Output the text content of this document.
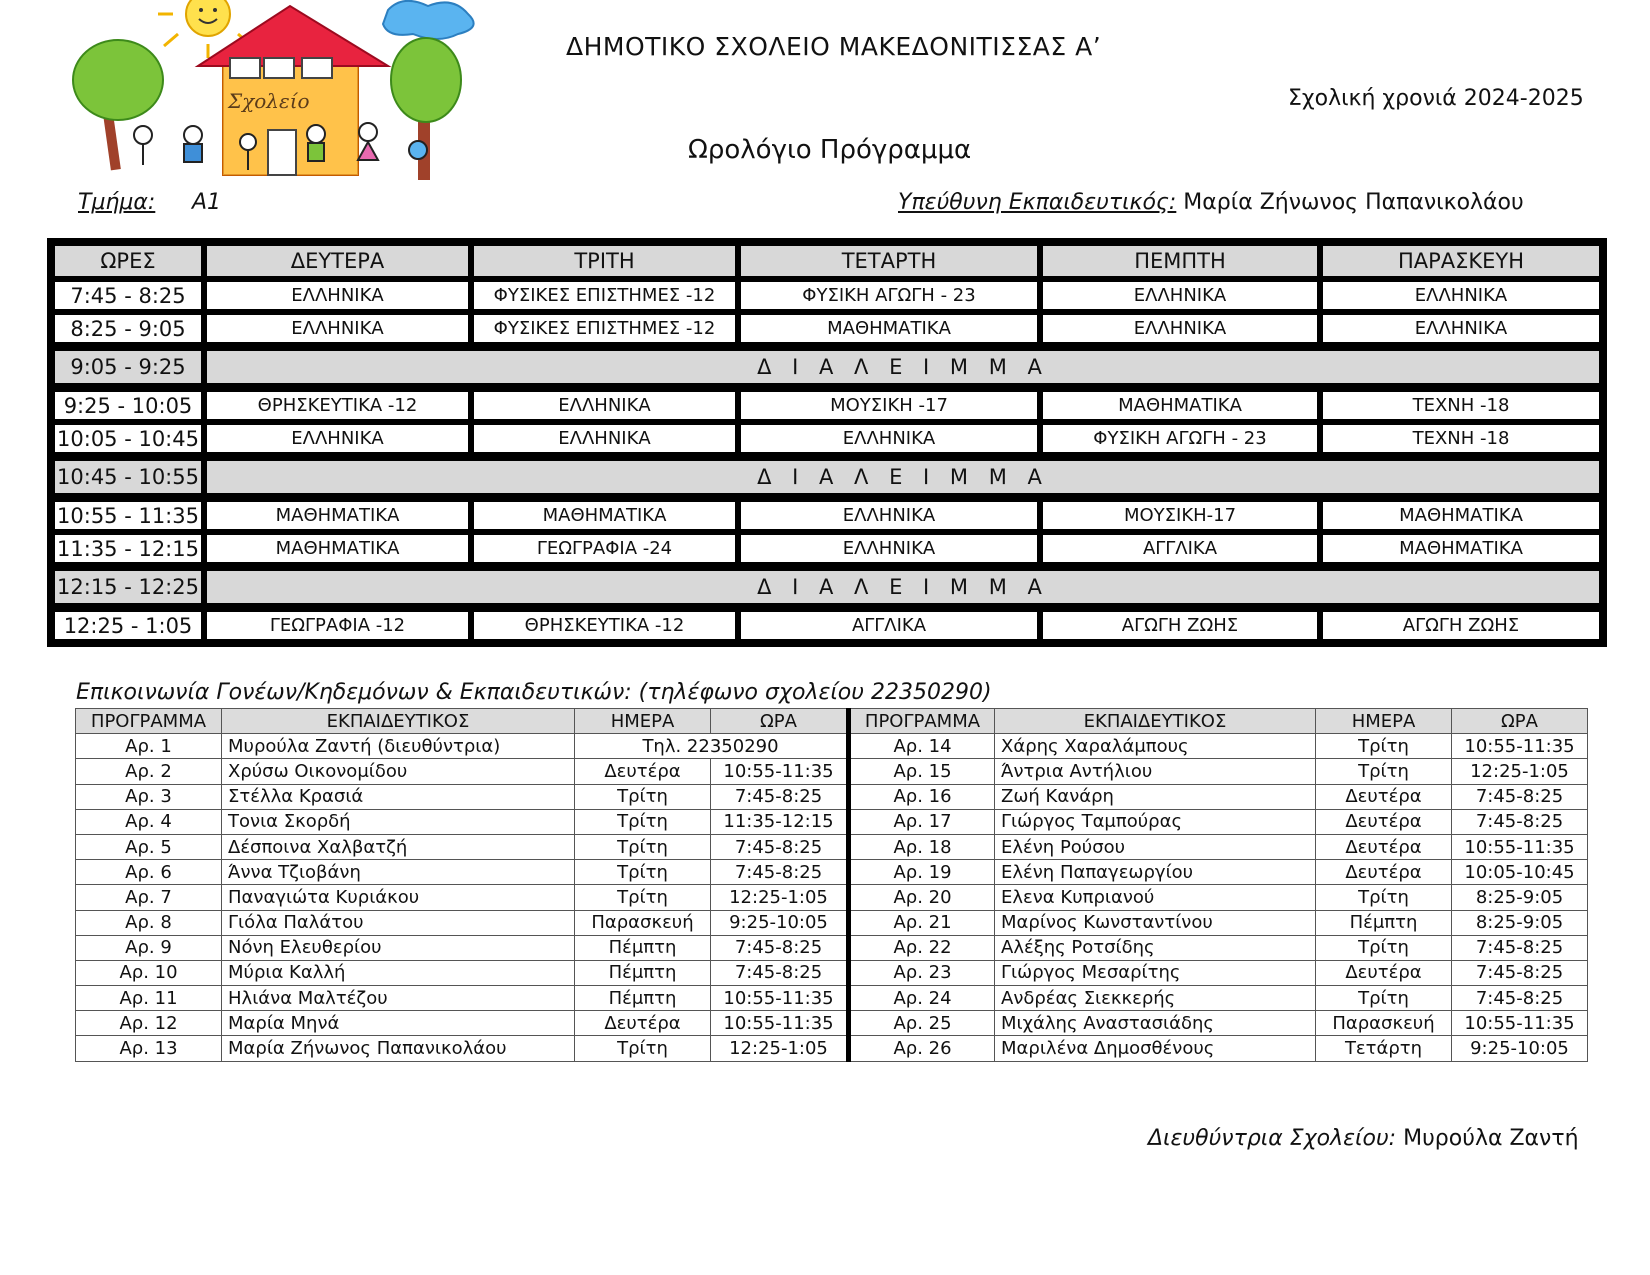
Σχολείο
ΔΗΜΟΤΙΚΟ ΣΧΟΛΕΙΟ ΜΑΚΕΔΟΝΙΤΙΣΣΑΣ Α’
Σχολική χρονιά 2024-2025
Ωρολόγιο Πρόγραμμα
Τμήμα: Α1	Υπεύθυνη Εκπαιδευτικός: Μαρία Ζήνωνος Παπανικολάου
ΩΡΕΣ	ΔΕΥΤΕΡΑ	ΤΡΙΤΗ	ΤΕΤΑΡΤΗ	ΠΕΜΠΤΗ	ΠΑΡΑΣΚΕΥΗ
7:45 - 8:25	ΕΛΛΗΝΙΚΑ	ΦΥΣΙΚΕΣ ΕΠΙΣΤΗΜΕΣ -12	ΦΥΣΙΚΗ ΑΓΩΓΗ - 23	ΕΛΛΗΝΙΚΑ	ΕΛΛΗΝΙΚΑ
8:25 - 9:05	ΕΛΛΗΝΙΚΑ	ΦΥΣΙΚΕΣ ΕΠΙΣΤΗΜΕΣ -12	ΜΑΘΗΜΑΤΙΚΑ	ΕΛΛΗΝΙΚΑ	ΕΛΛΗΝΙΚΑ
9:05 - 9:25	Δ Ι Α Λ Ε Ι Μ Μ Α				
9:25 - 10:05	ΘΡΗΣΚΕΥΤΙΚΑ -12	ΕΛΛΗΝΙΚΑ	ΜΟΥΣΙΚΗ -17	ΜΑΘΗΜΑΤΙΚΑ	ΤΕΧΝΗ -18
10:05 - 10:45	ΕΛΛΗΝΙΚΑ	ΕΛΛΗΝΙΚΑ	ΕΛΛΗΝΙΚΑ	ΦΥΣΙΚΗ ΑΓΩΓΗ - 23	ΤΕΧΝΗ -18
10:45 - 10:55	Δ Ι Α Λ Ε Ι Μ Μ Α				
10:55 - 11:35	ΜΑΘΗΜΑΤΙΚΑ	ΜΑΘΗΜΑΤΙΚΑ	ΕΛΛΗΝΙΚΑ	ΜΟΥΣΙΚΗ-17	ΜΑΘΗΜΑΤΙΚΑ
11:35 - 12:15	ΜΑΘΗΜΑΤΙΚΑ	ΓΕΩΓΡΑΦΙΑ -24	ΕΛΛΗΝΙΚΑ	ΑΓΓΛΙΚΑ	ΜΑΘΗΜΑΤΙΚΑ
12:15 - 12:25	Δ Ι Α Λ Ε Ι Μ Μ Α				
12:25 - 1:05	ΓΕΩΓΡΑΦΙΑ -12	ΘΡΗΣΚΕΥΤΙΚΑ -12	ΑΓΓΛΙΚΑ	ΑΓΩΓΗ ΖΩΗΣ	ΑΓΩΓΗ ΖΩΗΣ
Επικοινωνία Γονέων/Κηδεμόνων & Εκπαιδευτικών: (τηλέφωνο σχολείου 22350290)
ΠΡΟΓΡΑΜΜΑ	ΕΚΠΑΙΔΕΥΤΙΚΟΣ	ΗΜΕΡΑ	ΩΡΑ	ΠΡΟΓΡΑΜΜΑ	ΕΚΠΑΙΔΕΥΤΙΚΟΣ	ΗΜΕΡΑ	ΩΡΑ
Αρ. 1	Μυρούλα Ζαντή (διευθύντρια)	Τηλ. 22350290		Αρ. 14	Χάρης Χαραλάμπους	Τρίτη	10:55-11:35
Αρ. 2	Χρύσω Οικονομίδου	Δευτέρα	10:55-11:35	Αρ. 15	Άντρια Αντήλιου	Τρίτη	12:25-1:05
Αρ. 3	Στέλλα Κρασιά	Τρίτη	7:45-8:25	Αρ. 16	Ζωή Κανάρη	Δευτέρα	7:45-8:25
Αρ. 4	Τονια Σκορδή	Τρίτη	11:35-12:15	Αρ. 17	Γιώργος Ταμπούρας	Δευτέρα	7:45-8:25
Αρ. 5	Δέσποινα Χαλβατζή	Τρίτη	7:45-8:25	Αρ. 18	Ελένη Ρούσου	Δευτέρα	10:55-11:35
Αρ. 6	Άννα Τζιοβάνη	Τρίτη	7:45-8:25	Αρ. 19	Ελένη Παπαγεωργίου	Δευτέρα	10:05-10:45
Αρ. 7	Παναγιώτα Κυριάκου	Τρίτη	12:25-1:05	Αρ. 20	Ελενα Κυπριανού	Τρίτη	8:25-9:05
Αρ. 8	Γιόλα Παλάτου	Παρασκευή	9:25-10:05	Αρ. 21	Μαρίνος Κωνσταντίνου	Πέμπτη	8:25-9:05
Αρ. 9	Νόνη Ελευθερίου	Πέμπτη	7:45-8:25	Αρ. 22	Αλέξης Ροτσίδης	Τρίτη	7:45-8:25
Αρ. 10	Μύρια Καλλή	Πέμπτη	7:45-8:25	Αρ. 23	Γιώργος Μεσαρίτης	Δευτέρα	7:45-8:25
Αρ. 11	Ηλιάνα Μαλτέζου	Πέμπτη	10:55-11:35	Αρ. 24	Ανδρέας Σιεκκερής	Τρίτη	7:45-8:25
Αρ. 12	Μαρία Μηνά	Δευτέρα	10:55-11:35	Αρ. 25	Μιχάλης Αναστασιάδης	Παρασκευή	10:55-11:35
Αρ. 13	Μαρία Ζήνωνος Παπανικολάου	Τρίτη	12:25-1:05	Αρ. 26	Μαριλένα Δημοσθένους	Τετάρτη	9:25-10:05
Διευθύντρια Σχολείου: Μυρούλα Ζαντή
